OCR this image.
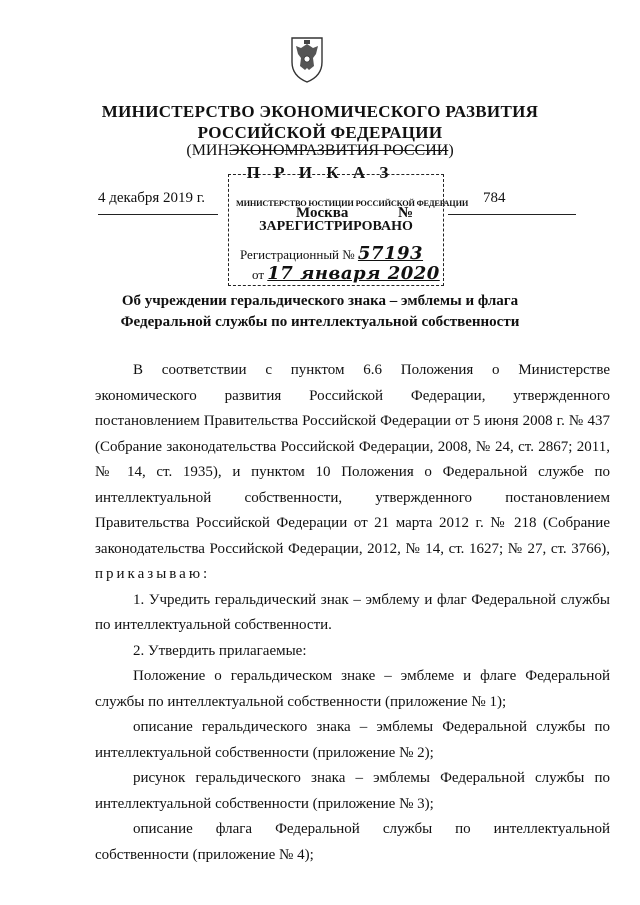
МИНИСТЕРСТВО ЭКОНОМИЧЕСКОГО РАЗВИТИЯ
РОССИЙСКОЙ ФЕДЕРАЦИИ
(МИНЭКОНОМРАЗВИТИЯ РОССИИ)
П Р И К А З
4 декабря 2019 г.	784
МИНИСТЕРСТВО ЮСТИЦИИ РОССИЙСКОЙ ФЕДЕРАЦИИ
Москва	№
ЗАРЕГИСТРИРОВАНО
Регистрационный № 57193
от 17 января 2020
Об учреждении геральдического знака – эмблемы и флага
Федеральной службы по интеллектуальной собственности

В соответствии с пунктом 6.6 Положения о Министерстве экономического развития Российской Федерации, утвержденного постановлением Правительства Российской Федерации от 5 июня 2008 г. № 437 (Собрание законодательства Российской Федерации, 2008, № 24, ст. 2867; 2011, № 14, ст. 1935), и пунктом 10 Положения о Федеральной службе по интеллектуальной собственности, утвержденного постановлением Правительства Российской Федерации от 21 марта 2012 г. № 218 (Собрание законодательства Российской Федерации, 2012, № 14, ст. 1627; № 27, ст. 3766), приказываю:

1. Учредить геральдический знак – эмблему и флаг Федеральной службы по интеллектуальной собственности.

2. Утвердить прилагаемые:

Положение о геральдическом знаке – эмблеме и флаге Федеральной службы по интеллектуальной собственности (приложение № 1);

описание геральдического знака – эмблемы Федеральной службы по интеллектуальной собственности (приложение № 2);

рисунок геральдического знака – эмблемы Федеральной службы по интеллектуальной собственности (приложение № 3);

описание флага Федеральной службы по интеллектуальной собственности (приложение № 4);
